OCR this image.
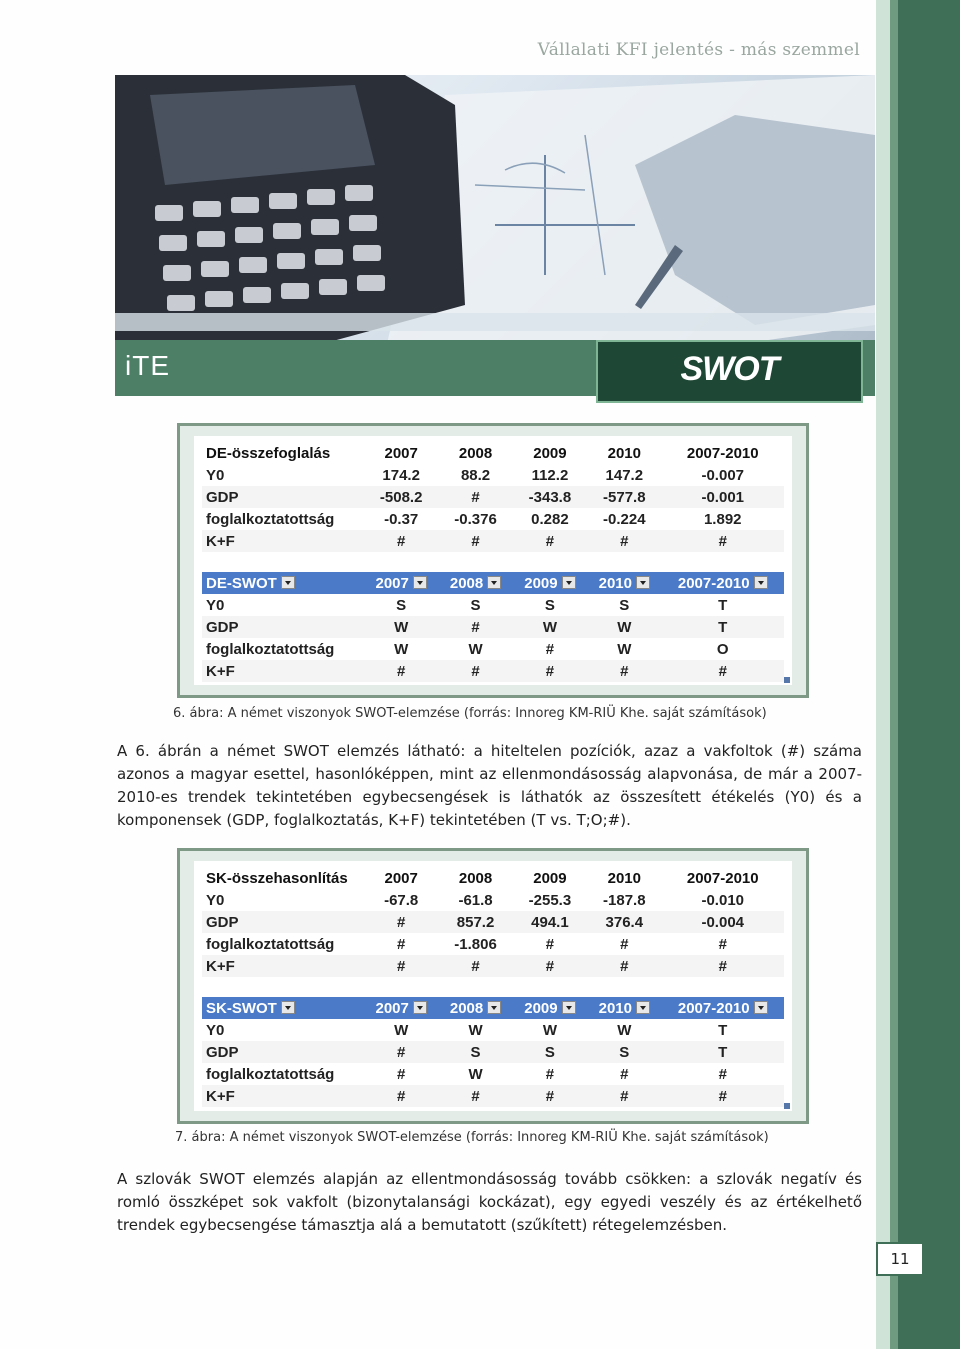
Vállalati KFI jelentés - más szemmel
iTE	SWOT
DE-összefoglalás	2007	2008	2009	2010	2007-2010
Y0	174.2	88.2	112.2	147.2	-0.007
GDP	-508.2	#	-343.8	-577.8	-0.001
foglalkoztatottság	-0.37	-0.376	0.282	-0.224	1.892
K+F	#	#	#	#	#

DE-SWOT	2007	2008	2009	2010	2007-2010
Y0	S	S	S	S	T
GDP	W	#	W	W	T
foglalkoztatottság	W	W	#	W	O
K+F	#	#	#	#	#
6. ábra: A német viszonyok SWOT-elemzése (forrás: Innoreg KM-RIÜ Khe. saját számítások)
A 6. ábrán a német SWOT elemzés látható: a hiteltelen pozíciók, azaz a vakfoltok (#) száma azonos a magyar esettel, hasonlóképpen, mint az ellenmondásosság alapvonása, de már a 2007-2010-es trendek tekintetében egybecsengések is láthatók az összesített étékelés (Y0) és a komponensek (GDP, foglalkoztatás, K+F) tekintetében (T vs. T;O;#).
SK-összehasonlítás	2007	2008	2009	2010	2007-2010
Y0	-67.8	-61.8	-255.3	-187.8	-0.010
GDP	#	857.2	494.1	376.4	-0.004
foglalkoztatottság	#	-1.806	#	#	#
K+F	#	#	#	#	#

SK-SWOT	2007	2008	2009	2010	2007-2010
Y0	W	W	W	W	T
GDP	#	S	S	S	T
foglalkoztatottság	#	W	#	#	#
K+F	#	#	#	#	#
7. ábra: A német viszonyok SWOT-elemzése (forrás: Innoreg KM-RIÜ Khe. saját számítások)
A szlovák SWOT elemzés alapján az ellentmondásosság tovább csökken: a szlovák negatív és romló összképet sok vakfolt (bizonytalansági kockázat), egy egyedi veszély és az értékelhető trendek egybecsengése támasztja alá a bemutatott (szűkített) rétegelemzésben.
11
